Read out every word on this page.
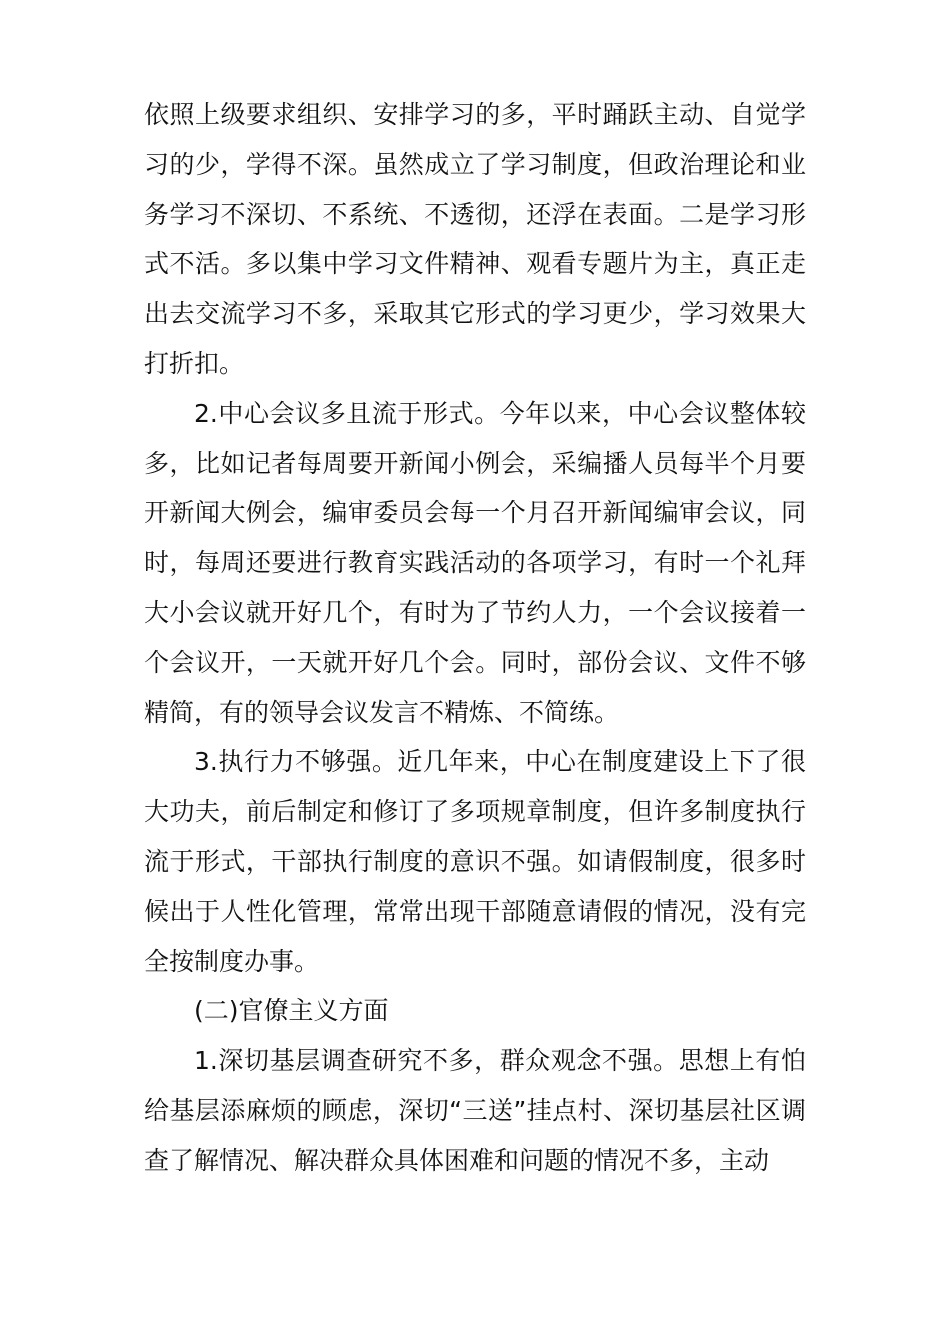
依照上级要求组织、安排学习的多，平时踊跃主动、自觉学习的少，学得不深。虽然成立了学习制度，但政治理论和业务学习不深切、不系统、不透彻，还浮在表面。二是学习形式不活。多以集中学习文件精神、观看专题片为主，真正走出去交流学习不多，采取其它形式的学习更少，学习效果大打折扣。

2.中心会议多且流于形式。今年以来，中心会议整体较多，比如记者每周要开新闻小例会，采编播人员每半个月要开新闻大例会，编审委员会每一个月召开新闻编审会议，同时，每周还要进行教育实践活动的各项学习，有时一个礼拜大小会议就开好几个，有时为了节约人力，一个会议接着一个会议开，一天就开好几个会。同时，部份会议、文件不够精简，有的领导会议发言不精炼、不简练。

3.执行力不够强。近几年来，中心在制度建设上下了很大功夫，前后制定和修订了多项规章制度，但许多制度执行流于形式，干部执行制度的意识不强。如请假制度，很多时候出于人性化管理，常常出现干部随意请假的情况，没有完全按制度办事。

(二)官僚主义方面

1.深切基层调查研究不多，群众观念不强。思想上有怕给基层添麻烦的顾虑，深切“三送”挂点村、深切基层社区调查了解情况、解决群众具体困难和问题的情况不多，主动
